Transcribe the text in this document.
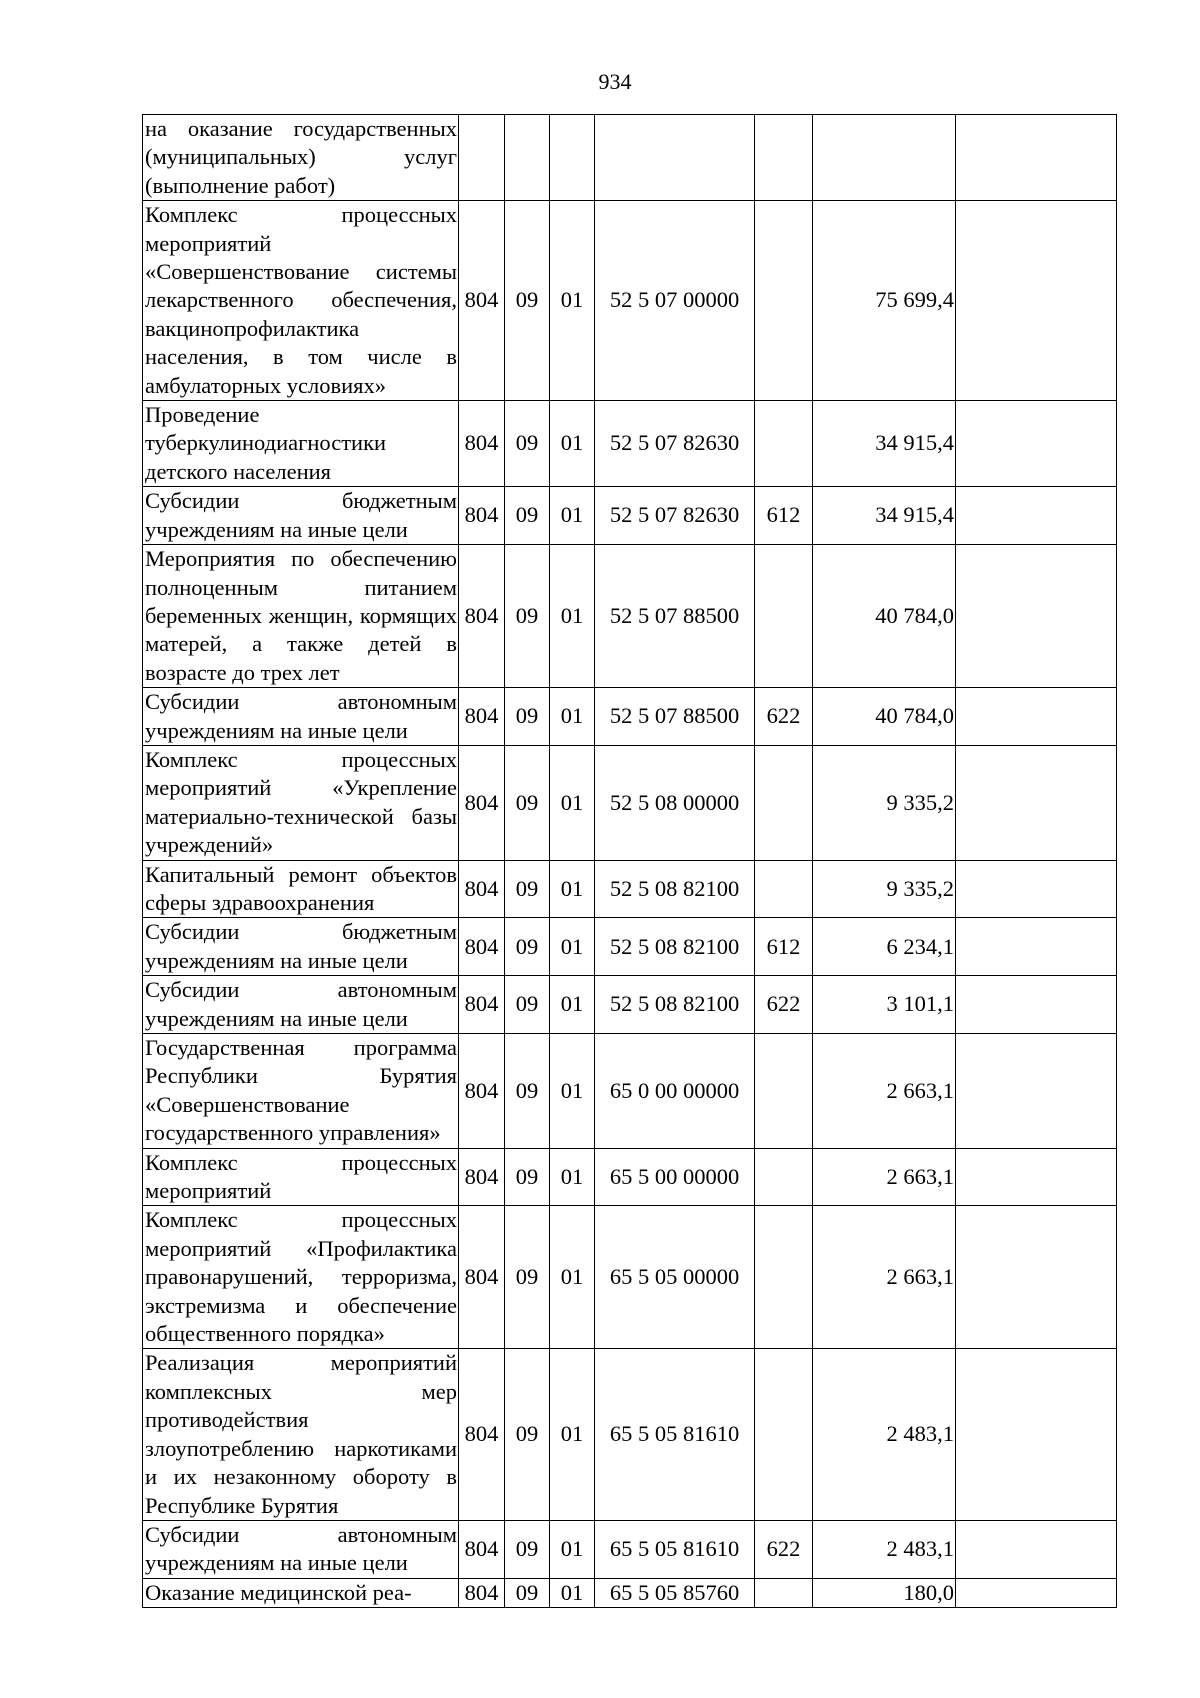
934
на оказание государственных (муниципальных) услуг (выполнение работ)							
Комплекс процессных мероприятий «Совершенствование системы лекарственного обеспечения, вакцинопрофилактика населения, в том числе в амбулаторных условиях»	804	09	01	52 5 07 00000		75 699,4	
Проведение туберкулинодиагностики детского населения	804	09	01	52 5 07 82630		34 915,4	
Субсидии бюджетным учреждениям на иные цели	804	09	01	52 5 07 82630	612	34 915,4	
Мероприятия по обеспечению полноценным питанием беременных женщин, кормящих матерей, а также детей в возрасте до трех лет	804	09	01	52 5 07 88500		40 784,0	
Субсидии автономным учреждениям на иные цели	804	09	01	52 5 07 88500	622	40 784,0	
Комплекс процессных мероприятий «Укрепление материально-технической базы учреждений»	804	09	01	52 5 08 00000		9 335,2	
Капитальный ремонт объектов сферы здравоохранения	804	09	01	52 5 08 82100		9 335,2	
Субсидии бюджетным учреждениям на иные цели	804	09	01	52 5 08 82100	612	6 234,1	
Субсидии автономным учреждениям на иные цели	804	09	01	52 5 08 82100	622	3 101,1	
Государственная программа Республики Бурятия «Совершенствование государственного управления»	804	09	01	65 0 00 00000		2 663,1	
Комплекс процессных мероприятий	804	09	01	65 5 00 00000		2 663,1	
Комплекс процессных мероприятий «Профилактика правонарушений, терроризма, экстремизма и обеспечение общественного порядка»	804	09	01	65 5 05 00000		2 663,1	
Реализация мероприятий комплексных мер противодействия злоупотреблению наркотиками и их незаконному обороту в Республике Бурятия	804	09	01	65 5 05 81610		2 483,1	
Субсидии автономным учреждениям на иные цели	804	09	01	65 5 05 81610	622	2 483,1	
Оказание медицинской реа-	804	09	01	65 5 05 85760		180,0	
